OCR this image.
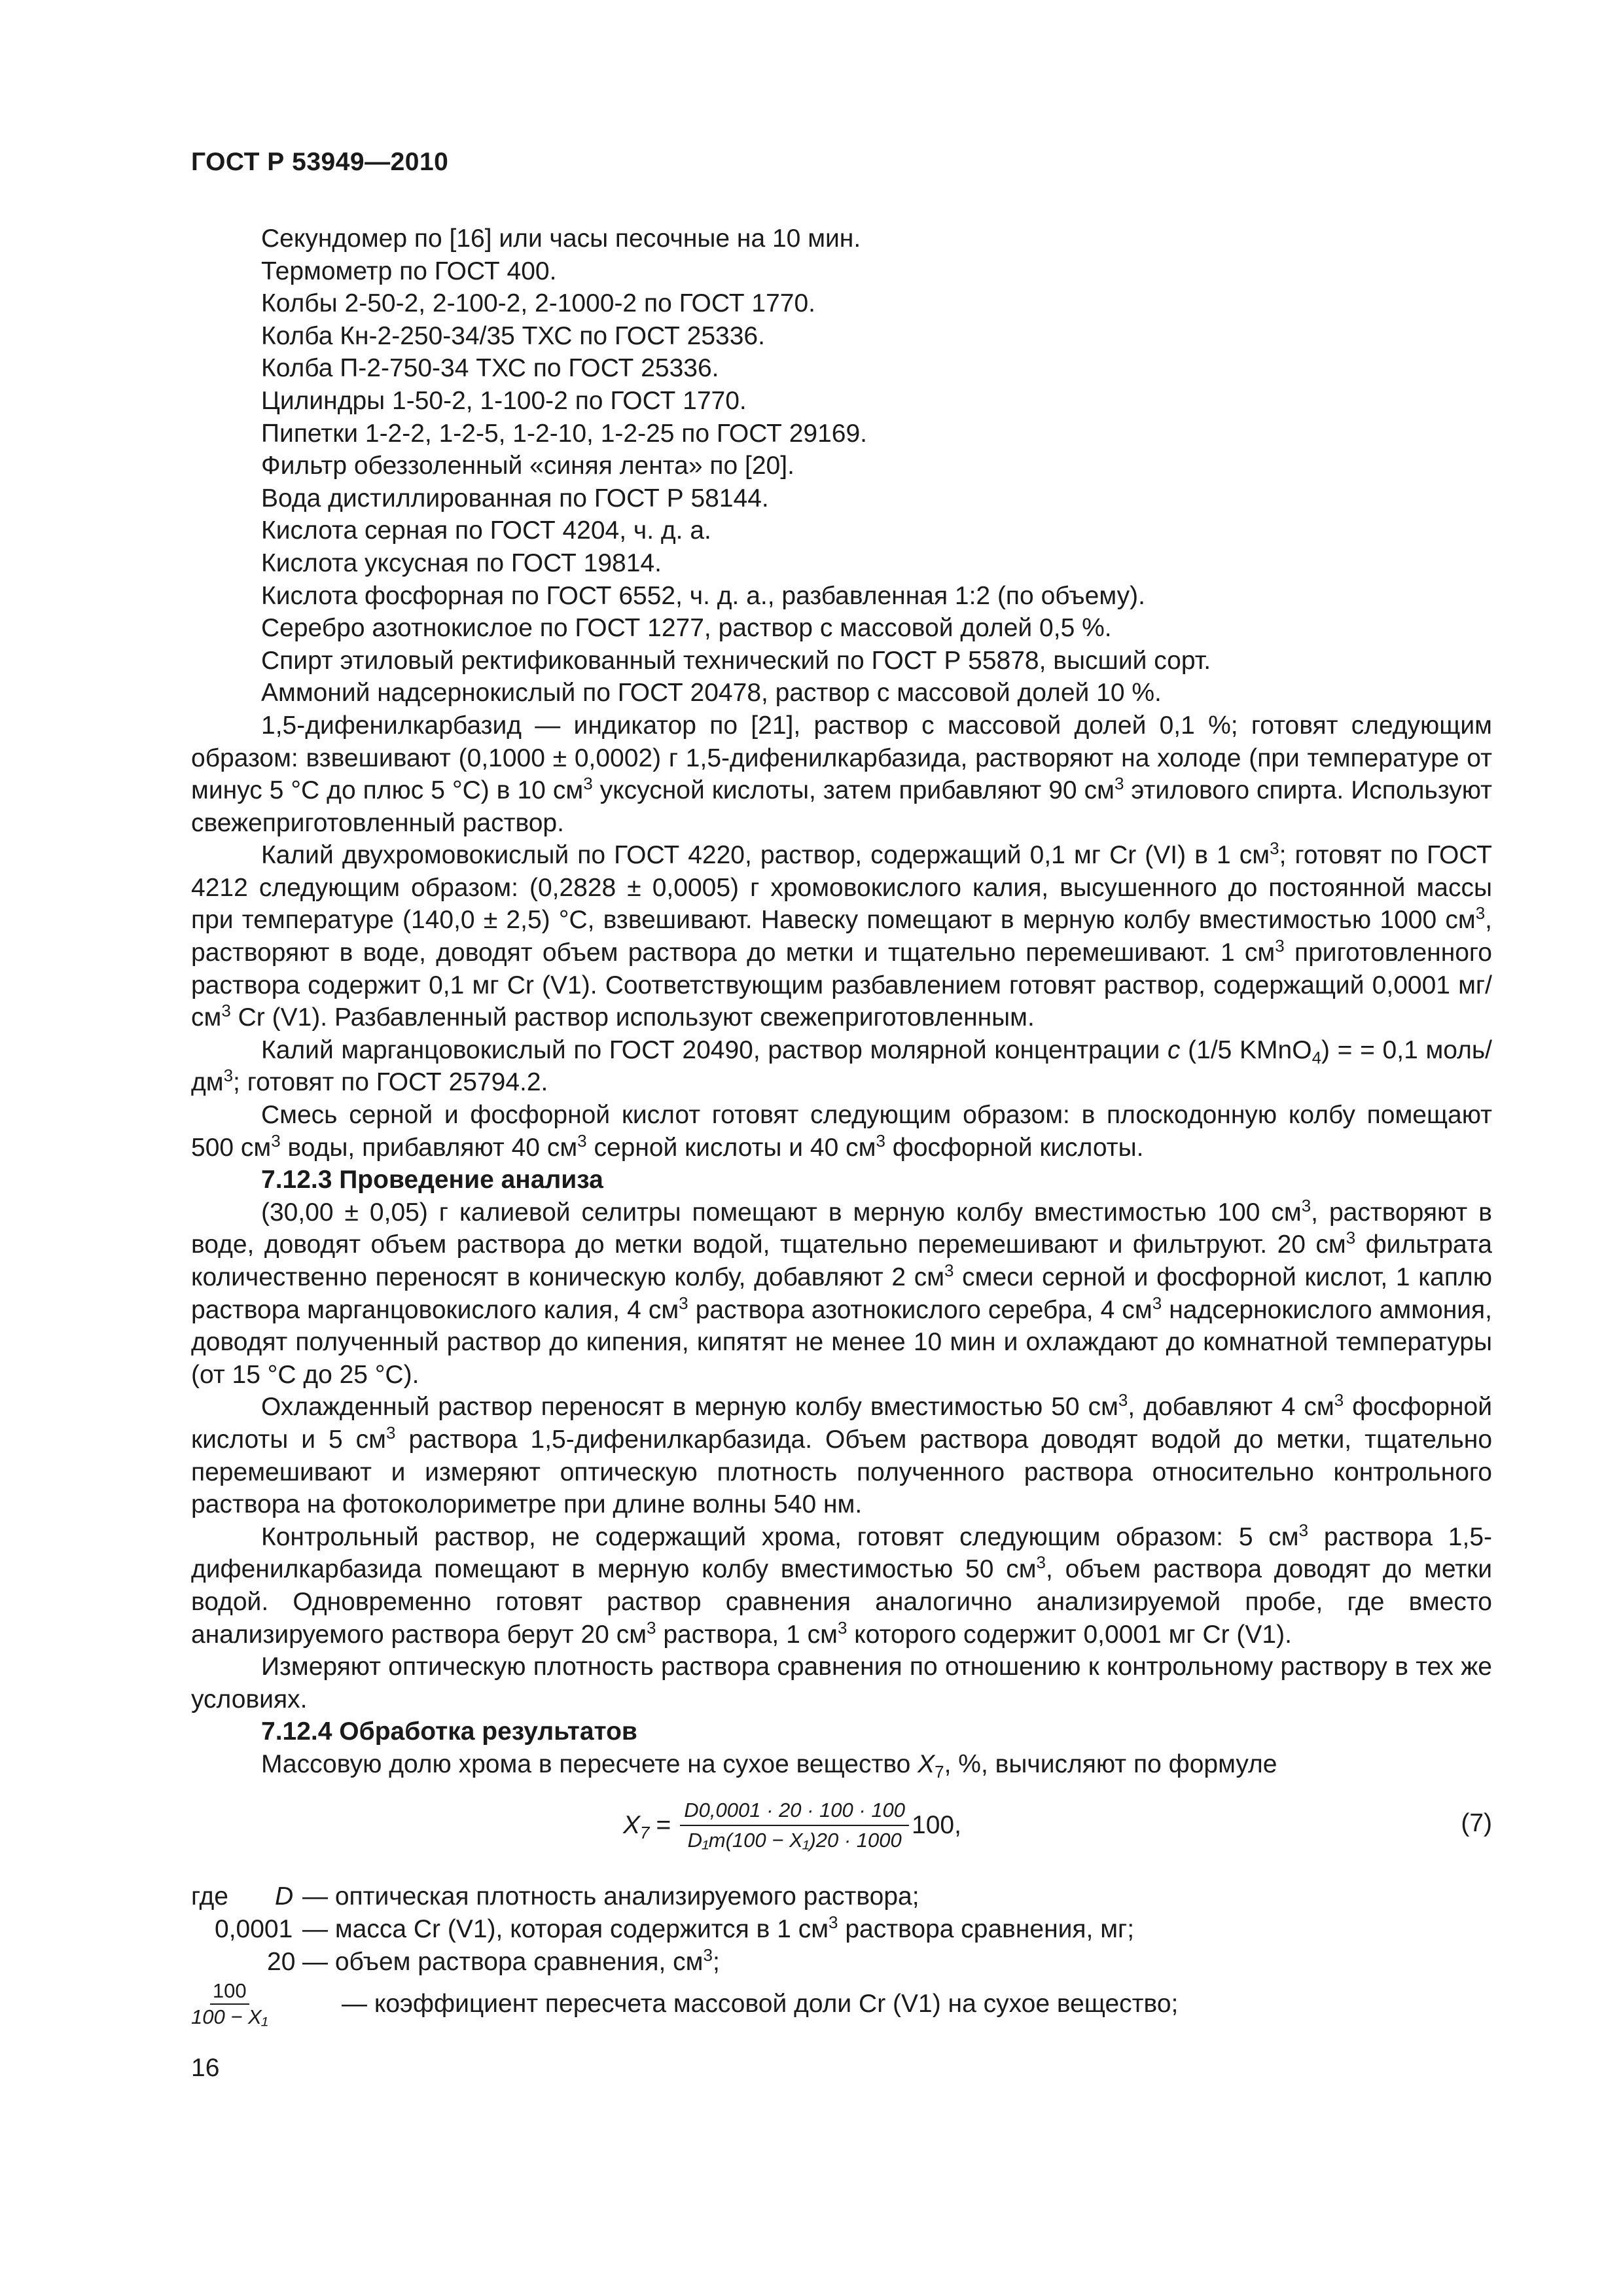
ГОСТ Р 53949—2010

Секундомер по [16] или часы песочные на 10 мин.

Термометр по ГОСТ 400.

Колбы 2-50-2, 2-100-2, 2-1000-2 по ГОСТ 1770.

Колба Кн-2-250-34/35 ТХС по ГОСТ 25336.

Колба П-2-750-34 ТХС по ГОСТ 25336.

Цилиндры 1-50-2, 1-100-2 по ГОСТ 1770.

Пипетки 1-2-2, 1-2-5, 1-2-10, 1-2-25 по ГОСТ 29169.

Фильтр обеззоленный «синяя лента» по [20].

Вода дистиллированная по ГОСТ Р 58144.

Кислота серная по ГОСТ 4204, ч. д. а.

Кислота уксусная по ГОСТ 19814.

Кислота фосфорная по ГОСТ 6552, ч. д. а., разбавленная 1:2 (по объему).

Серебро азотнокислое по ГОСТ 1277, раствор с массовой долей 0,5 %.

Спирт этиловый ректификованный технический по ГОСТ Р 55878, высший сорт.

Аммоний надсернокислый по ГОСТ 20478, раствор с массовой долей 10 %.

1,5-дифенилкарбазид — индикатор по [21], раствор с массовой долей 0,1 %; готовят следующим образом: взвешивают (0,1000 ± 0,0002) г 1,5-дифенилкарбазида, растворяют на холоде (при температуре от минус 5 °С до плюс 5 °С) в 10 $см^3$ уксусной кислоты, затем прибавляют 90 $см^3$ этилового спирта. Используют свежеприготовленный раствор.

Калий двухромовокислый по ГОСТ 4220, раствор, содержащий 0,1 мг Cr (VI) в 1 $см^3$; готовят по ГОСТ 4212 следующим образом: (0,2828 ± 0,0005) г хромовокислого калия, высушенного до постоянной массы при температуре (140,0 ± 2,5) °С, взвешивают. Навеску помещают в мерную колбу вместимостью 1000 $см^3$, растворяют в воде, доводят объем раствора до метки и тщательно перемешивают. 1 $см^3$ приготовленного раствора содержит 0,1 мг Cr (V1). Соответствующим разбавлением готовят раствор, содержащий 0,0001 $мг/см^3$ Cr (V1). Разбавленный раствор используют свежеприготовленным.

Калий марганцовокислый по ГОСТ 20490, раствор молярной концентрации c (1/5 KMnO$_4$) = = 0,1 моль/$дм^3$; готовят по ГОСТ 25794.2.

Смесь серной и фосфорной кислот готовят следующим образом: в плоскодонную колбу помещают 500 $см^3$ воды, прибавляют 40 $см^3$ серной кислоты и 40 $см^3$ фосфорной кислоты.

7.12.3 Проведение анализа

(30,00 ± 0,05) г калиевой селитры помещают в мерную колбу вместимостью 100 $см^3$, растворяют в воде, доводят объем раствора до метки водой, тщательно перемешивают и фильтруют. 20 $см^3$ фильтрата количественно переносят в коническую колбу, добавляют 2 $см^3$ смеси серной и фосфорной кислот, 1 каплю раствора марганцовокислого калия, 4 $см^3$ раствора азотнокислого серебра, 4 $см^3$ надсернокислого аммония, доводят полученный раствор до кипения, кипятят не менее 10 мин и охлаждают до комнатной температуры (от 15 °С до 25 °С).

Охлажденный раствор переносят в мерную колбу вместимостью 50 $см^3$, добавляют 4 $см^3$ фосфорной кислоты и 5 $см^3$ раствора 1,5-дифенилкарбазида. Объем раствора доводят водой до метки, тщательно перемешивают и измеряют оптическую плотность полученного раствора относительно контрольного раствора на фотоколориметре при длине волны 540 нм.

Контрольный раствор, не содержащий хрома, готовят следующим образом: 5 $см^3$ раствора 1,5-дифенилкарбазида помещают в мерную колбу вместимостью 50 $см^3$, объем раствора доводят до метки водой. Одновременно готовят раствор сравнения аналогично анализируемой пробе, где вместо анализируемого раствора берут 20 $см^3$ раствора, 1 $см^3$ которого содержит 0,0001 мг Cr (V1).

Измеряют оптическую плотность раствора сравнения по отношению к контрольному раствору в тех же условиях.

7.12.4 Обработка результатов

Массовую долю хрома в пересчете на сухое вещество $X_7$, %, вычисляют по формуле

$X_7 = \frac{D0,0001 \cdot 20 \cdot 100 \cdot 100}{\text{D₁m(100 − X₁)20 · 1000}} 100$,	(7)
где D — оптическая плотность анализируемого раствора;
0,0001 — масса Cr (V1), которая содержится в 1 $см^3$ раствора сравнения, мг;
20 — объем раствора сравнения, $см^3$;
$\frac{100}{\text{100 − X₁}}$	— коэффициент пересчета массовой доли Cr (V1) на сухое вещество;
16
